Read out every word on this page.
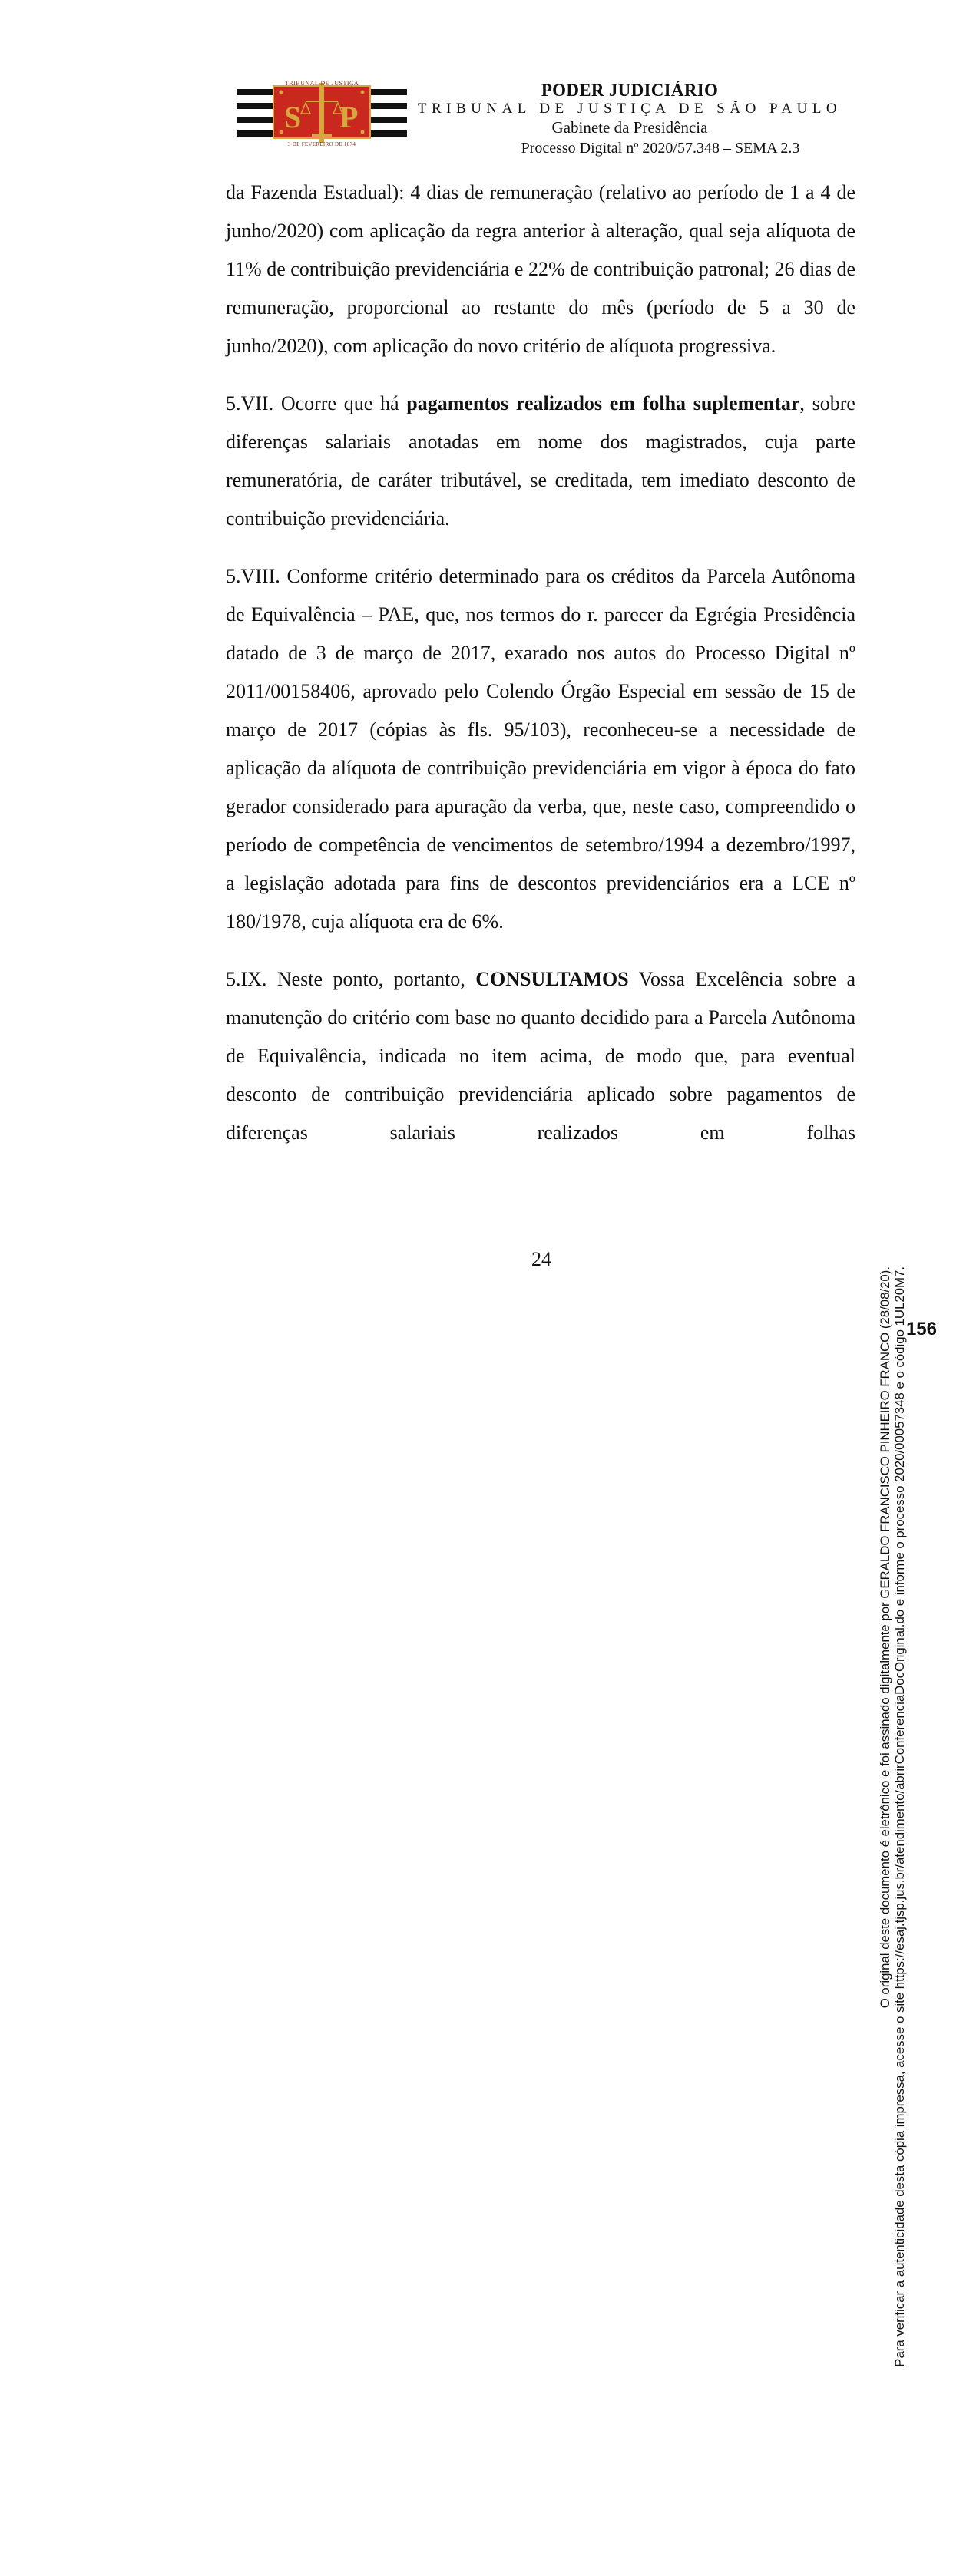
S P
TRIBUNAL DE JUSTIÇA
3 DE FEVEREIRO DE 1874
PODER JUDICIÁRIO
TRIBUNAL DE JUSTIÇA DE SÃO PAULO
Gabinete da Presidência
Processo Digital nº 2020/57.348 – SEMA 2.3

da Fazenda Estadual): 4 dias de remuneração (relativo ao período de 1 a 4 de junho/2020) com aplicação da regra anterior à alteração, qual seja alíquota de 11% de contribuição previdenciária e 22% de contribuição patronal; 26 dias de remuneração, proporcional ao restante do mês (período de 5 a 30 de junho/2020), com aplicação do novo critério de alíquota progressiva.

5.VII. Ocorre que há pagamentos realizados em folha suplementar, sobre diferenças salariais anotadas em nome dos magistrados, cuja parte remuneratória, de caráter tributável, se creditada, tem imediato desconto de contribuição previdenciária.

5.VIII. Conforme critério determinado para os créditos da Parcela Autônoma de Equivalência – PAE, que, nos termos do r. parecer da Egrégia Presidência datado de 3 de março de 2017, exarado nos autos do Processo Digital nº 2011/00158406, aprovado pelo Colendo Órgão Especial em sessão de 15 de março de 2017 (cópias às fls. 95/103), reconheceu-se a necessidade de aplicação da alíquota de contribuição previdenciária em vigor à época do fato gerador considerado para apuração da verba, que, neste caso, compreendido o período de competência de vencimentos de setembro/1994 a dezembro/1997, a legislação adotada para fins de descontos previdenciários era a LCE nº 180/1978, cuja alíquota era de 6%.

5.IX. Neste ponto, portanto, CONSULTAMOS Vossa Excelência sobre a manutenção do critério com base no quanto decidido para a Parcela Autônoma de Equivalência, indicada no item acima, de modo que, para eventual desconto de contribuição previdenciária aplicado sobre pagamentos de diferenças salariais realizados em folhas

24
O original deste documento é eletrônico e foi assinado digitalmente por GERALDO FRANCISCO PINHEIRO FRANCO (28/08/20). Para verificar a autenticidade desta cópia impressa, acesse o site https://esaj.tjsp.jus.br/atendimento/abrirConferenciaDocOriginal.do e informe o processo 2020/00057348 e o código 1UL20M7.
156
